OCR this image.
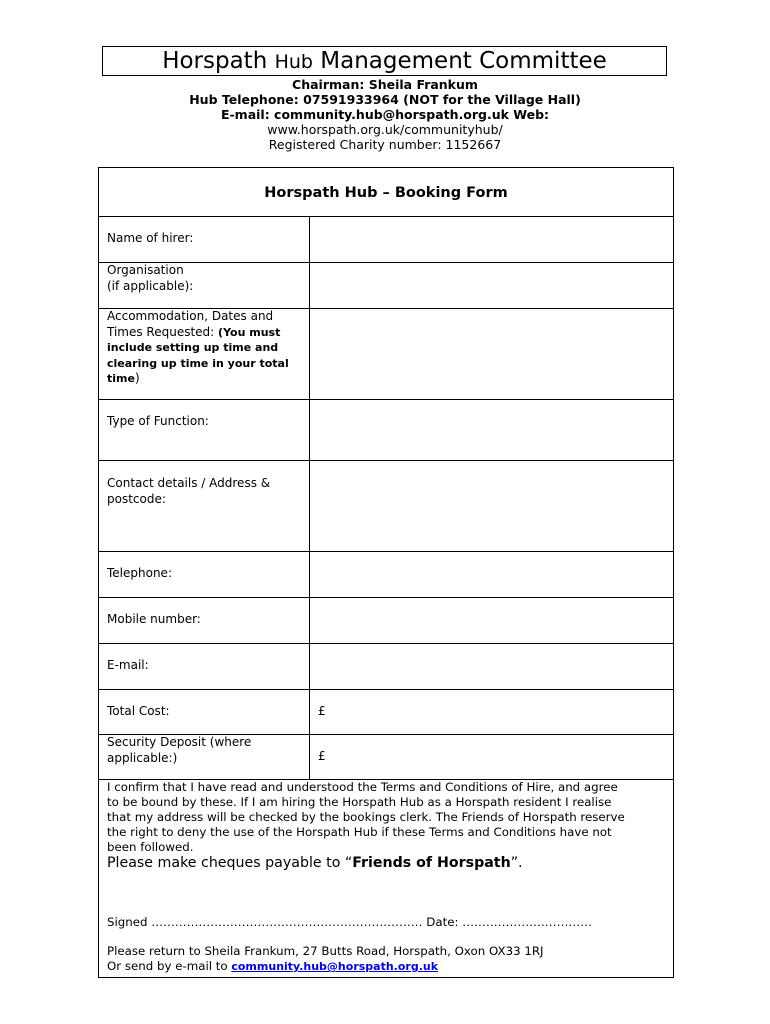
Horspath Hub Management Committee
Chairman: Sheila Frankum
Hub Telephone: 07591933964 (NOT for the Village Hall)
E-mail: community.hub@horspath.org.uk Web:
www.horspath.org.uk/communityhub/
Registered Charity number: 1152667
Horspath Hub – Booking Form
Name of hirer:
Organisation
(if applicable):
Accommodation, Dates and
Times Requested: (You must
include setting up time and
clearing up time in your total
time)
Type of Function:
Contact details / Address &
postcode:
Telephone:
Mobile number:
E-mail:
Total Cost:	£
Security Deposit (where
applicable:)	£
I confirm that I have read and understood the Terms and Conditions of Hire, and agree
to be bound by these. If I am hiring the Horspath Hub as a Horspath resident I realise
that my address will be checked by the bookings clerk. The Friends of Horspath reserve
the right to deny the use of the Horspath Hub if these Terms and Conditions have not
been followed.
Please make cheques payable to “Friends of Horspath”.
Signed …………………………………………………………… Date: ……………………………
Please return to Sheila Frankum, 27 Butts Road, Horspath, Oxon OX33 1RJ
Or send by e-mail to community.hub@horspath.org.uk
